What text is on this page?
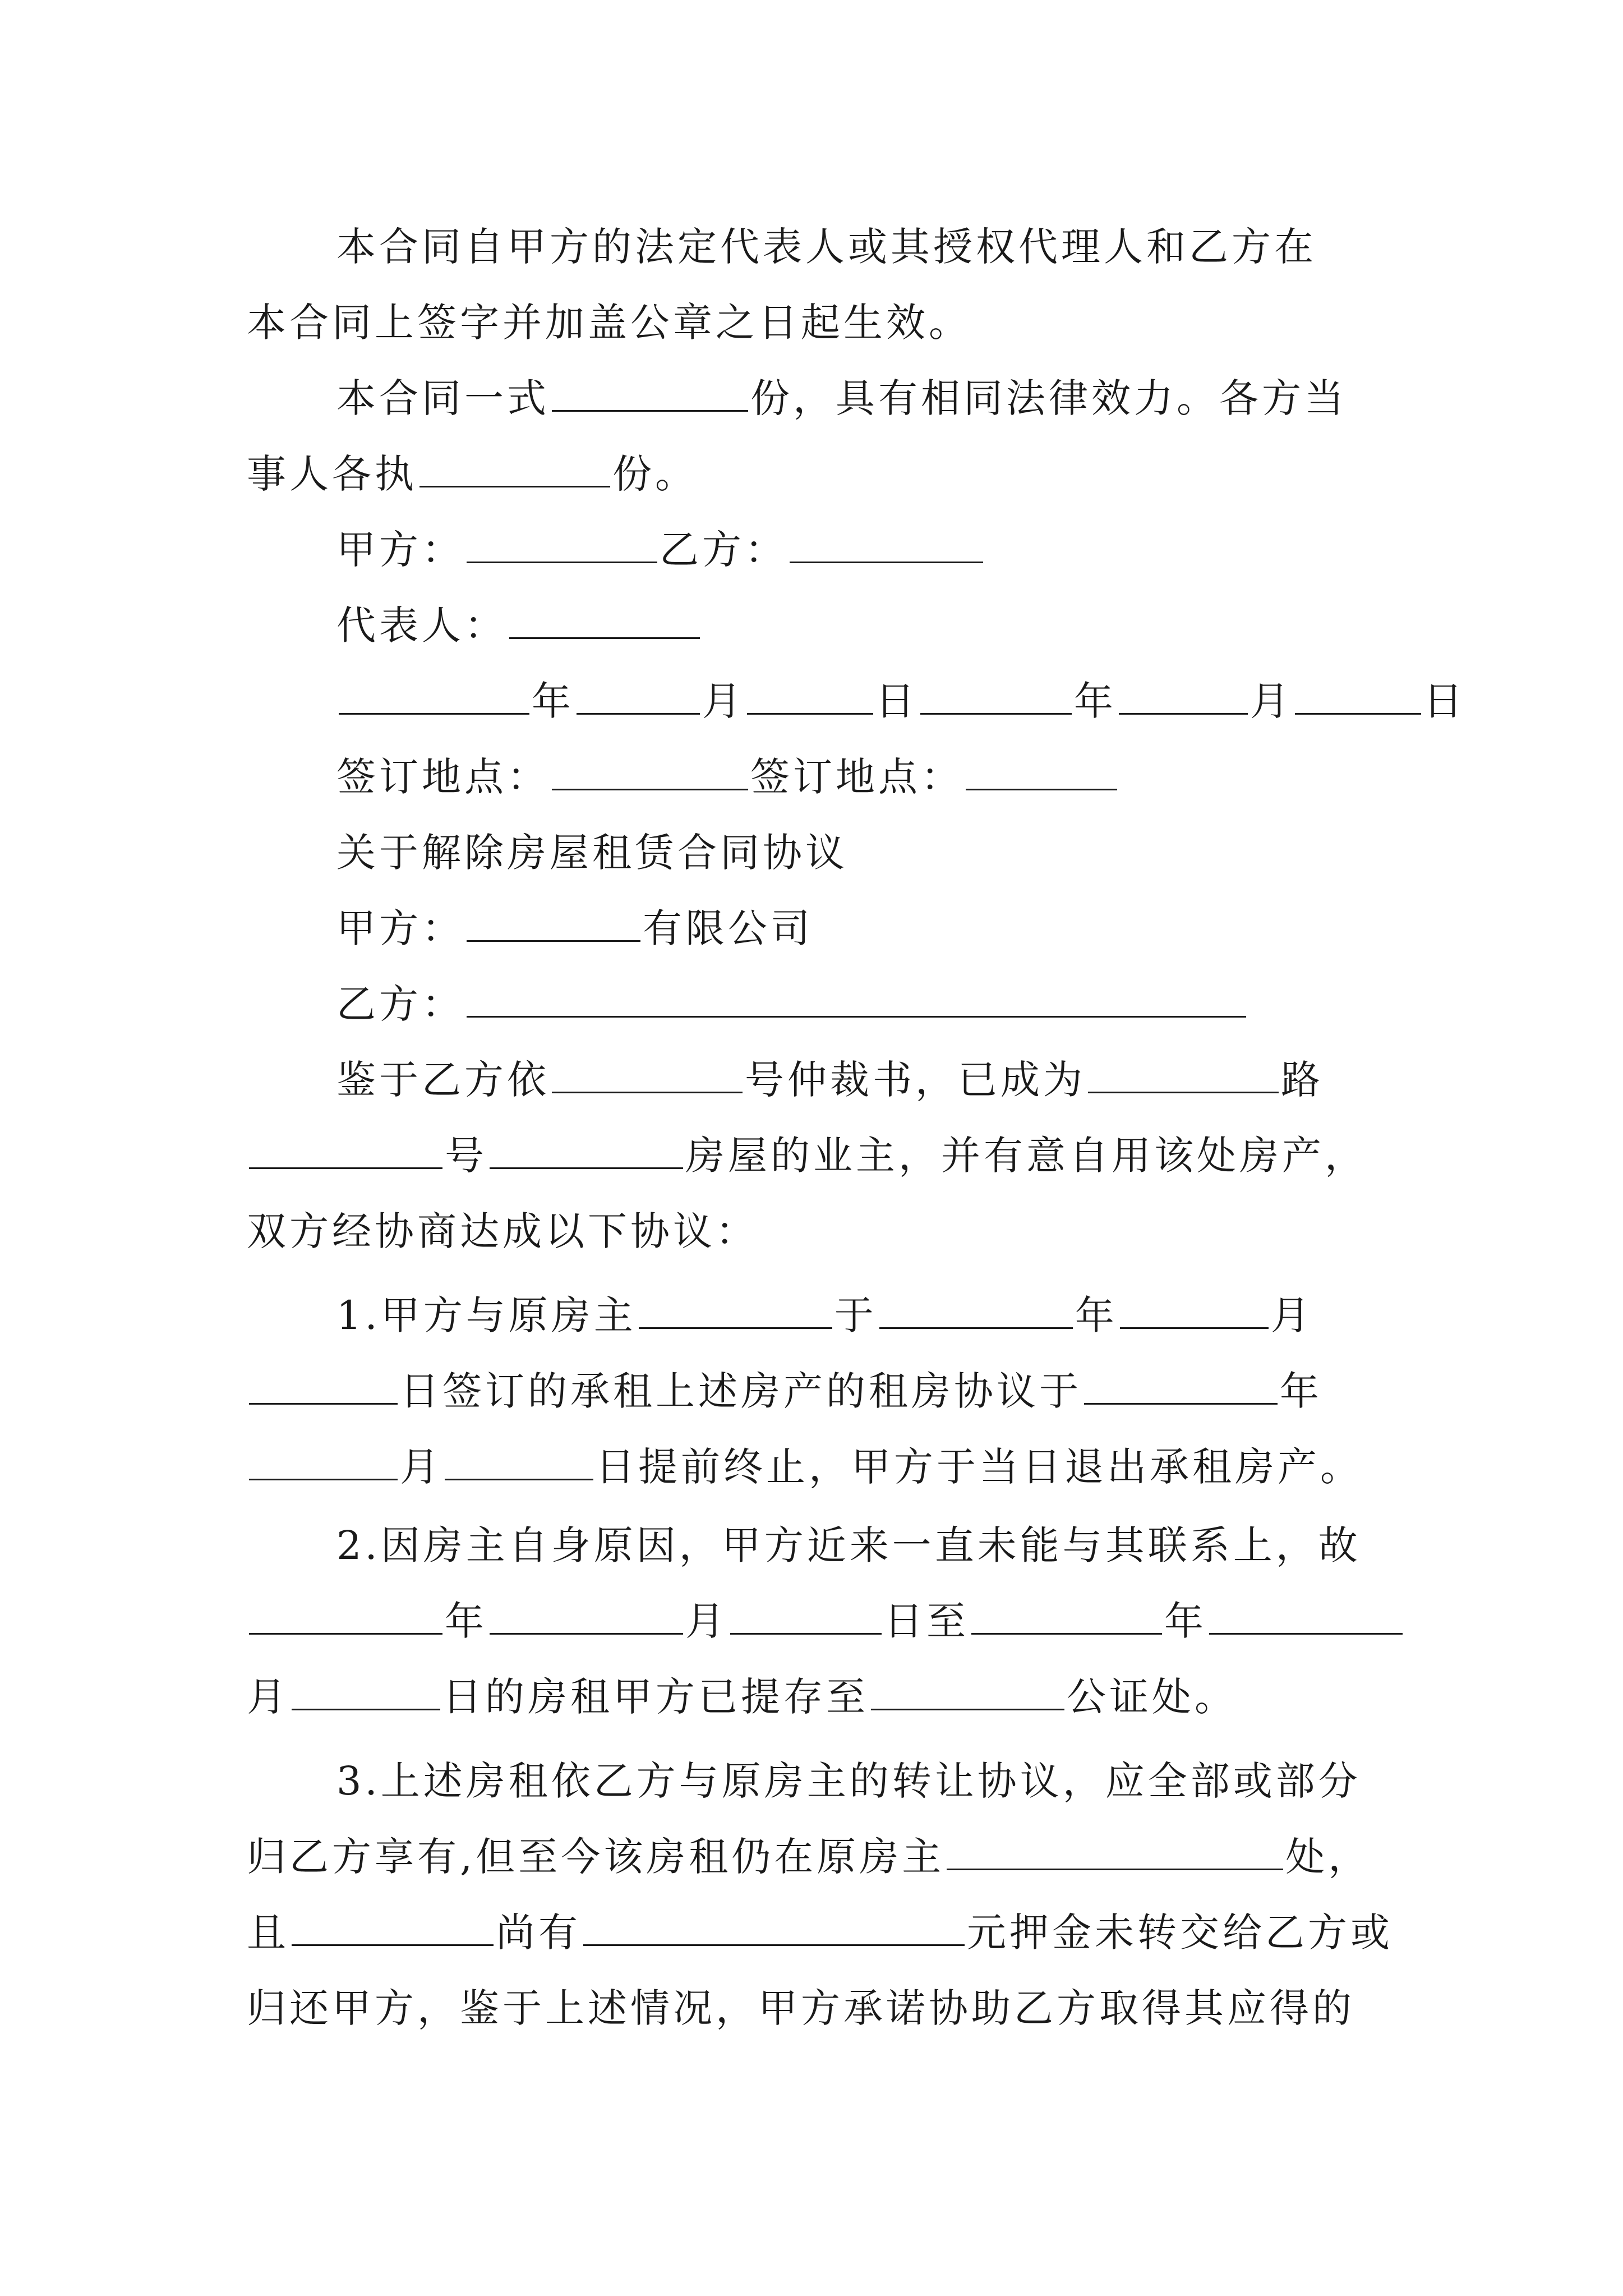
本合同自甲方的法定代表人或其授权代理人和乙方在
本合同上签字并加盖公章之日起生效。
本合同一式	份，具有相同法律效力。各方当
事人各执	份。
甲方：	乙方：
代表人：
年	月	日	年	月	日
签订地点：	签订地点：
关于解除房屋租赁合同协议
甲方：	有限公司
乙方：
鉴于乙方依	号仲裁书，已成为	路
号	房屋的业主，并有意自用该处房产，
双方经协商达成以下协议：
1.甲方与原房主	于	年	月
日签订的承租上述房产的租房协议于	年
月	日提前终止，甲方于当日退出承租房产。
2.因房主自身原因，甲方近来一直未能与其联系上，故
年	月	日至	年
月	日的房租甲方已提存至	公证处。
3.上述房租依乙方与原房主的转让协议，应全部或部分
归乙方享有,但至今该房租仍在原房主	处，
且	尚有	元押金未转交给乙方或
归还甲方，鉴于上述情况，甲方承诺协助乙方取得其应得的
